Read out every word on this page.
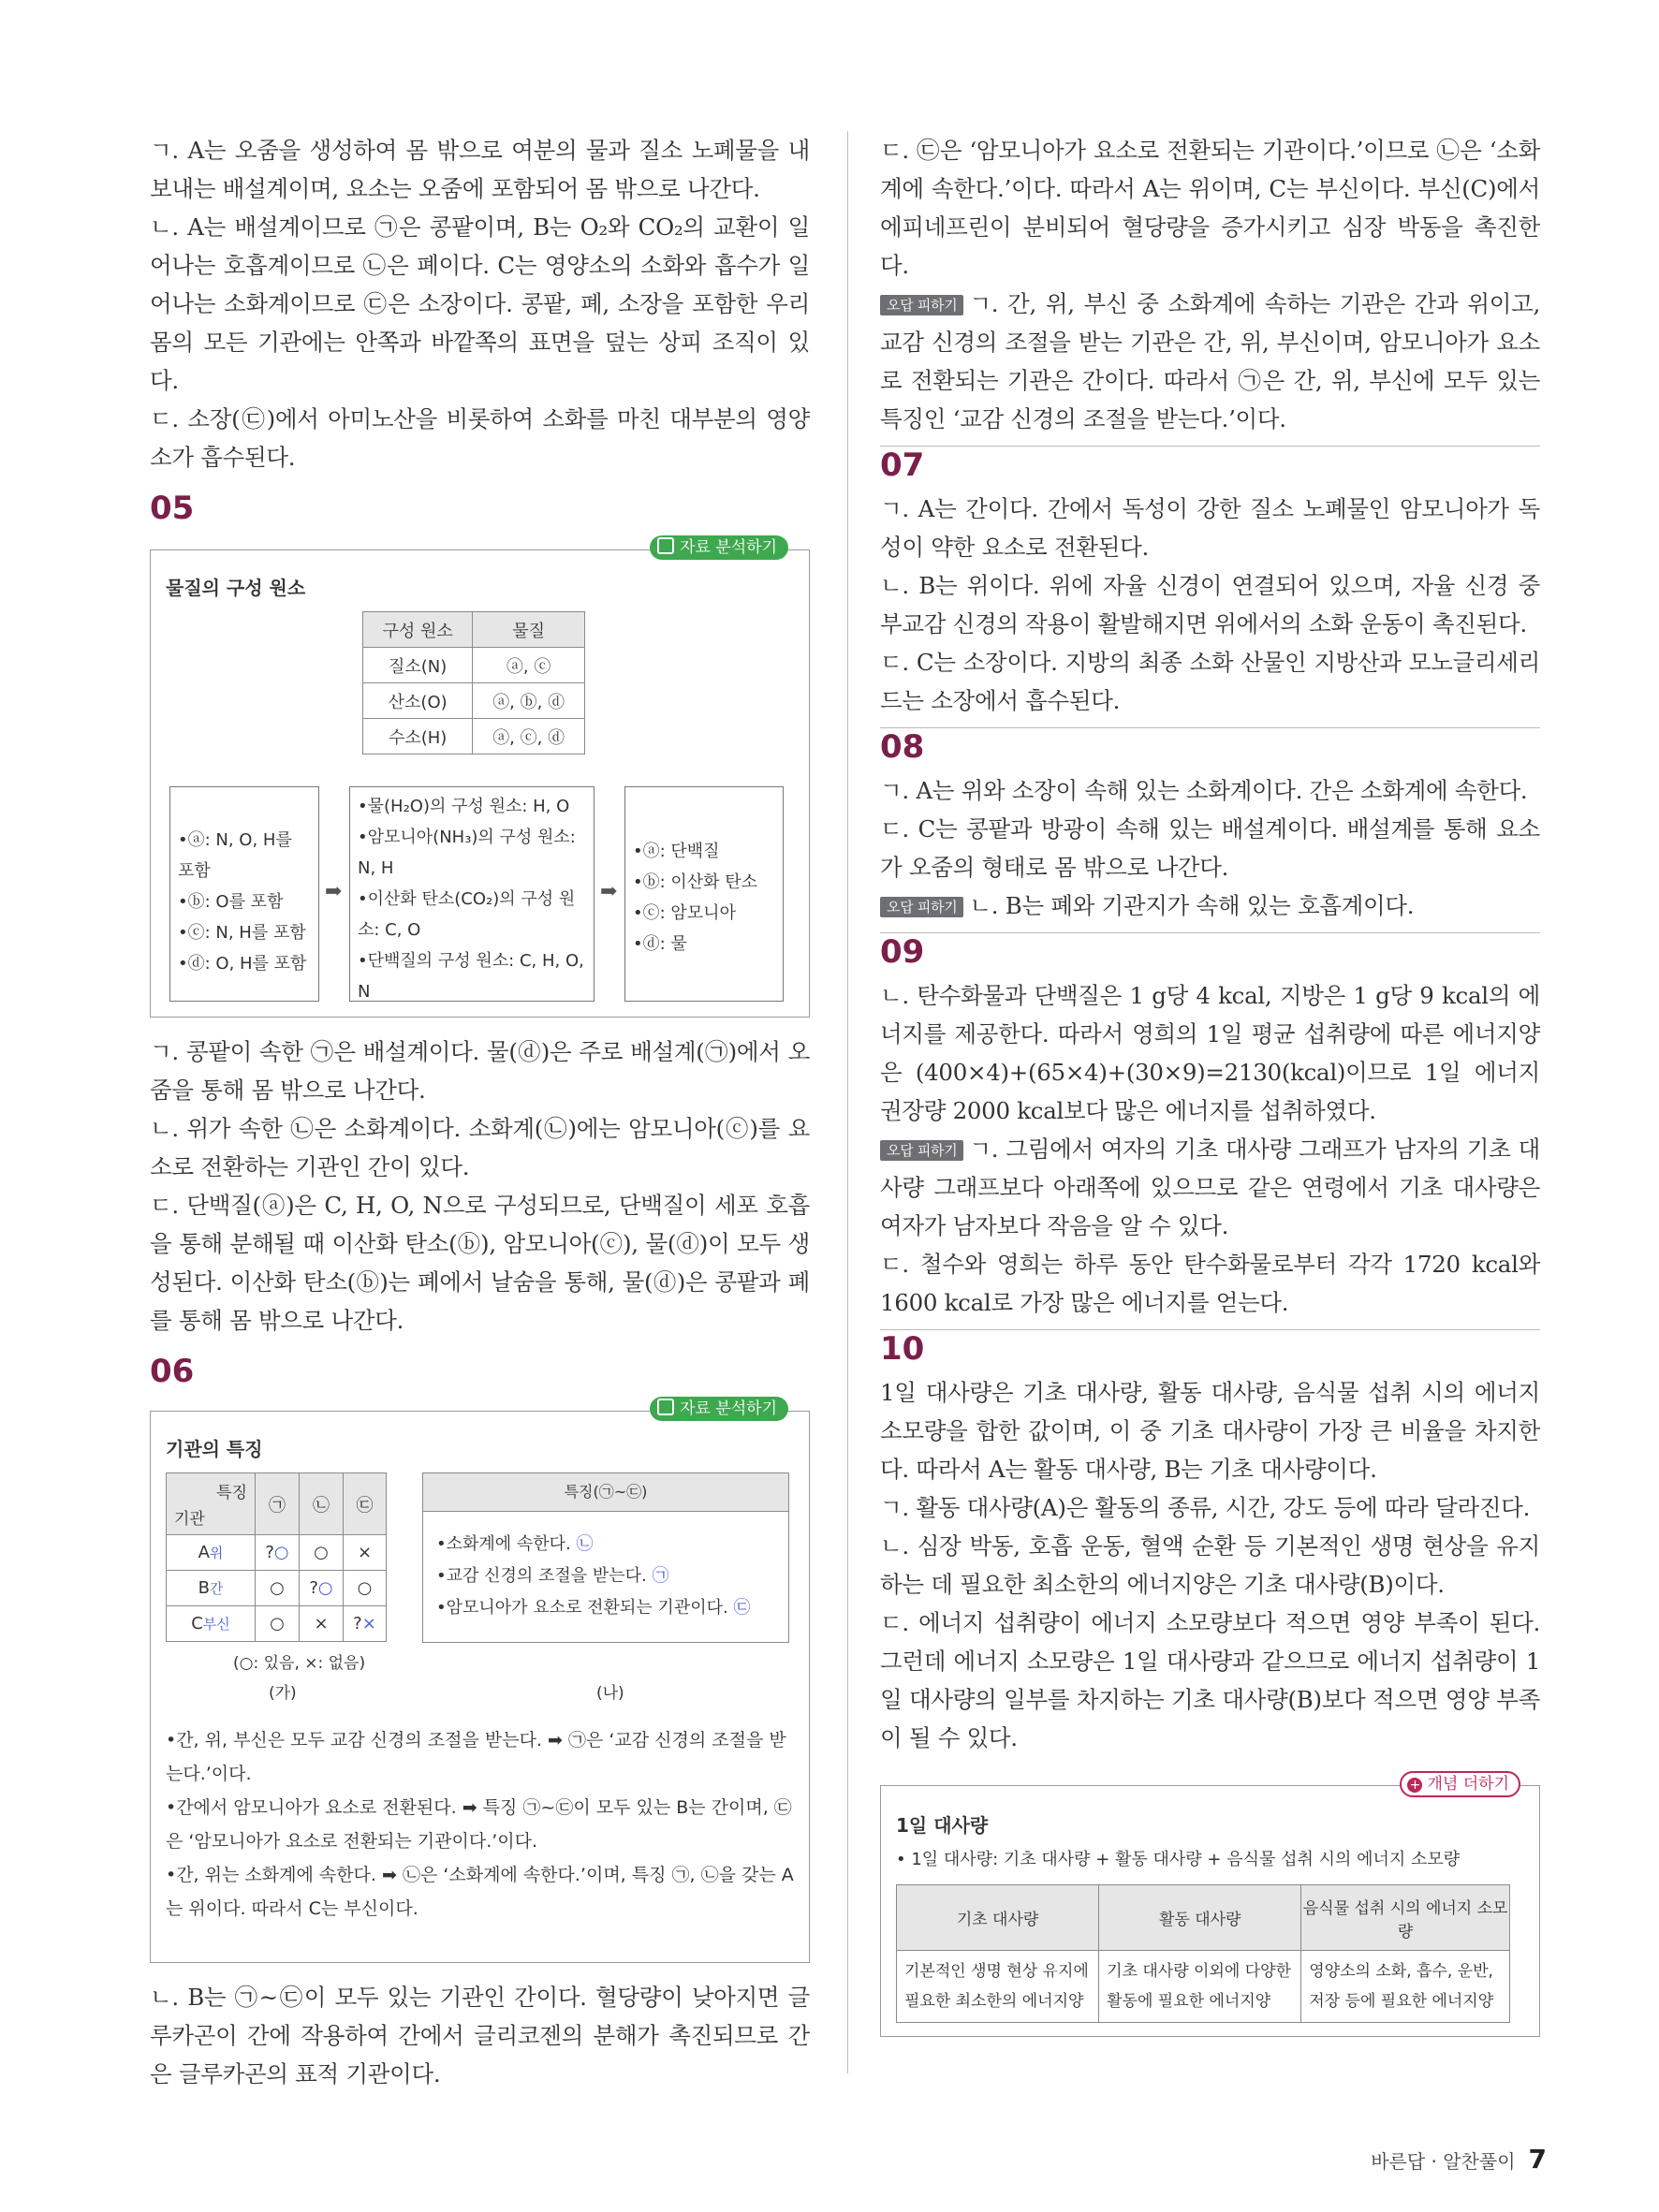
ㄱ. A는 오줌을 생성하여 몸 밖으로 여분의 물과 질소 노폐물을 내보내는 배설계이며, 요소는 오줌에 포함되어 몸 밖으로 나간다.

ㄴ. A는 배설계이므로 ㉠은 콩팥이며, B는 O₂와 CO₂의 교환이 일어나는 호흡계이므로 ㉡은 폐이다. C는 영양소의 소화와 흡수가 일어나는 소화계이므로 ㉢은 소장이다. 콩팥, 폐, 소장을 포함한 우리 몸의 모든 기관에는 안쪽과 바깥쪽의 표면을 덮는 상피 조직이 있다.

ㄷ. 소장(㉢)에서 아미노산을 비롯하여 소화를 마친 대부분의 영양소가 흡수된다.

05
자료 분석하기
물질의 구성 원소
구성 원소	물질
질소(N)	ⓐ, ⓒ
산소(O)	ⓐ, ⓑ, ⓓ
수소(H)	ⓐ, ⓒ, ⓓ
•ⓐ: N, O, H를 포함
•ⓑ: O를 포함
•ⓒ: N, H를 포함
•ⓓ: O, H를 포함
➡
•물(H₂O)의 구성 원소: H, O
•암모니아(NH₃)의 구성 원소: N, H
•이산화 탄소(CO₂)의 구성 원소: C, O
•단백질의 구성 원소: C, H, O, N
➡
•ⓐ: 단백질
•ⓑ: 이산화 탄소
•ⓒ: 암모니아
•ⓓ: 물

ㄱ. 콩팥이 속한 ㉠은 배설계이다. 물(ⓓ)은 주로 배설계(㉠)에서 오줌을 통해 몸 밖으로 나간다.

ㄴ. 위가 속한 ㉡은 소화계이다. 소화계(㉡)에는 암모니아(ⓒ)를 요소로 전환하는 기관인 간이 있다.

ㄷ. 단백질(ⓐ)은 C, H, O, N으로 구성되므로, 단백질이 세포 호흡을 통해 분해될 때 이산화 탄소(ⓑ), 암모니아(ⓒ), 물(ⓓ)이 모두 생성된다. 이산화 탄소(ⓑ)는 폐에서 날숨을 통해, 물(ⓓ)은 콩팥과 폐를 통해 몸 밖으로 나간다.

06
자료 분석하기
기관의 특징
특징
기관	㉠	㉡	㉢
A위	?○	○	×
B간	○	?○	○
C부신	○	×	?×
(○: 있음, ×: 없음)
(가)
특징(㉠~㉢)
•소화계에 속한다. ㉡
•교감 신경의 조절을 받는다. ㉠
•암모니아가 요소로 전환되는 기관이다. ㉢
(나)
•간, 위, 부신은 모두 교감 신경의 조절을 받는다. ➡ ㉠은 ‘교감 신경의 조절을 받는다.’이다.
•간에서 암모니아가 요소로 전환된다. ➡ 특징 ㉠~㉢이 모두 있는 B는 간이며, ㉢은 ‘암모니아가 요소로 전환되는 기관이다.’이다.
•간, 위는 소화계에 속한다. ➡ ㉡은 ‘소화계에 속한다.’이며, 특징 ㉠, ㉡을 갖는 A는 위이다. 따라서 C는 부신이다.

ㄴ. B는 ㉠~㉢이 모두 있는 기관인 간이다. 혈당량이 낮아지면 글루카곤이 간에 작용하여 간에서 글리코젠의 분해가 촉진되므로 간은 글루카곤의 표적 기관이다.

ㄷ. ㉢은 ‘암모니아가 요소로 전환되는 기관이다.’이므로 ㉡은 ‘소화계에 속한다.’이다. 따라서 A는 위이며, C는 부신이다. 부신(C)에서 에피네프린이 분비되어 혈당량을 증가시키고 심장 박동을 촉진한다.

오답 피하기 ㄱ. 간, 위, 부신 중 소화계에 속하는 기관은 간과 위이고, 교감 신경의 조절을 받는 기관은 간, 위, 부신이며, 암모니아가 요소로 전환되는 기관은 간이다. 따라서 ㉠은 간, 위, 부신에 모두 있는 특징인 ‘교감 신경의 조절을 받는다.’이다.

07

ㄱ. A는 간이다. 간에서 독성이 강한 질소 노폐물인 암모니아가 독성이 약한 요소로 전환된다.

ㄴ. B는 위이다. 위에 자율 신경이 연결되어 있으며, 자율 신경 중 부교감 신경의 작용이 활발해지면 위에서의 소화 운동이 촉진된다.

ㄷ. C는 소장이다. 지방의 최종 소화 산물인 지방산과 모노글리세리드는 소장에서 흡수된다.

08

ㄱ. A는 위와 소장이 속해 있는 소화계이다. 간은 소화계에 속한다.

ㄷ. C는 콩팥과 방광이 속해 있는 배설계이다. 배설계를 통해 요소가 오줌의 형태로 몸 밖으로 나간다.

오답 피하기 ㄴ. B는 폐와 기관지가 속해 있는 호흡계이다.

09

ㄴ. 탄수화물과 단백질은 1 g당 4 kcal, 지방은 1 g당 9 kcal의 에너지를 제공한다. 따라서 영희의 1일 평균 섭취량에 따른 에너지양은 (400×4)+(65×4)+(30×9)=2130(kcal)이므로 1일 에너지 권장량 2000 kcal보다 많은 에너지를 섭취하였다.

오답 피하기 ㄱ. 그림에서 여자의 기초 대사량 그래프가 남자의 기초 대사량 그래프보다 아래쪽에 있으므로 같은 연령에서 기초 대사량은 여자가 남자보다 작음을 알 수 있다.

ㄷ. 철수와 영희는 하루 동안 탄수화물로부터 각각 1720 kcal와 1600 kcal로 가장 많은 에너지를 얻는다.

10

1일 대사량은 기초 대사량, 활동 대사량, 음식물 섭취 시의 에너지 소모량을 합한 값이며, 이 중 기초 대사량이 가장 큰 비율을 차지한다. 따라서 A는 활동 대사량, B는 기초 대사량이다.

ㄱ. 활동 대사량(A)은 활동의 종류, 시간, 강도 등에 따라 달라진다.

ㄴ. 심장 박동, 호흡 운동, 혈액 순환 등 기본적인 생명 현상을 유지하는 데 필요한 최소한의 에너지양은 기초 대사량(B)이다.

ㄷ. 에너지 섭취량이 에너지 소모량보다 적으면 영양 부족이 된다. 그런데 에너지 소모량은 1일 대사량과 같으므로 에너지 섭취량이 1일 대사량의 일부를 차지하는 기초 대사량(B)보다 적으면 영양 부족이 될 수 있다.

+ 개념 더하기
1일 대사량
• 1일 대사량: 기초 대사량 + 활동 대사량 + 음식물 섭취 시의 에너지 소모량
기초 대사량	활동 대사량	음식물 섭취 시의 에너지 소모량
기본적인 생명 현상 유지에 필요한 최소한의 에너지양	기초 대사량 이외에 다양한 활동에 필요한 에너지양	영양소의 소화, 흡수, 운반, 저장 등에 필요한 에너지양
바른답 · 알찬풀이 7
